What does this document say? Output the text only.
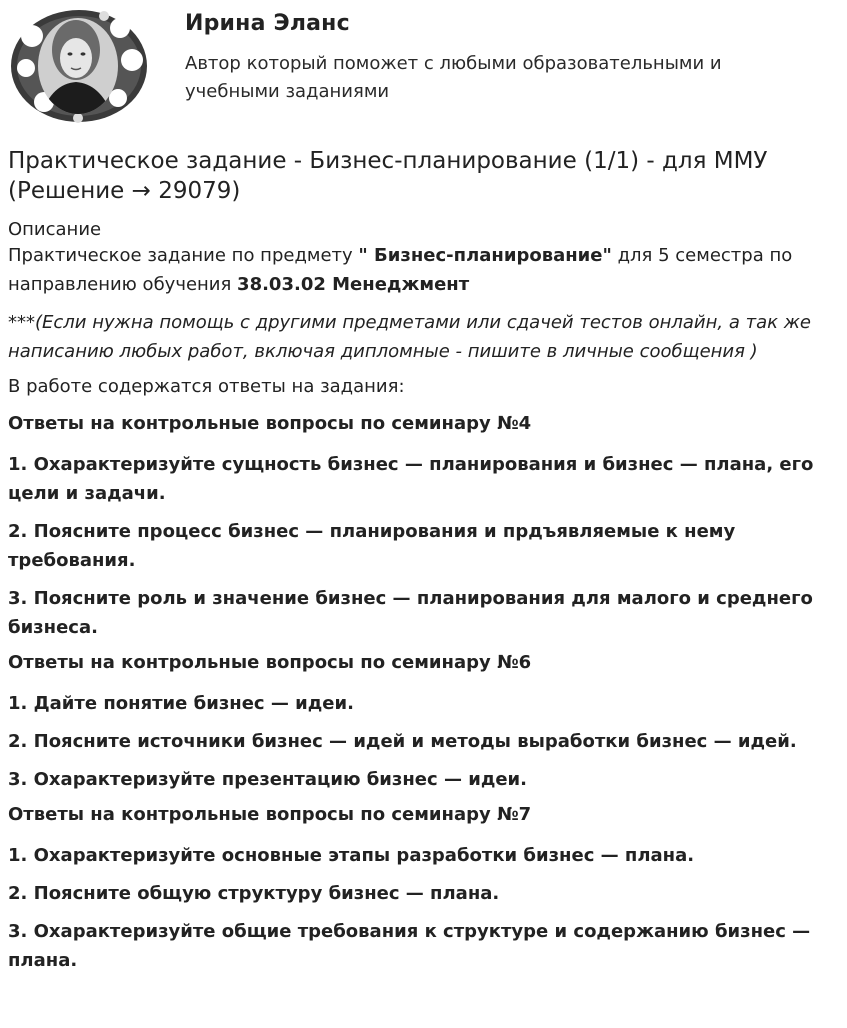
Ирина Эланс
Автор который поможет с любыми образовательными и учебными заданиями
Практическое задание - Бизнес-планирование (1/1) - для ММУ (Решение → 29079)
Описание
Практическое задание по предмету " Бизнес-планирование" для 5 семестра по направлению обучения 38.03.02 Менеджмент
***(Если нужна помощь с другими предметами или сдачей тестов онлайн, а так же написанию любых работ, включая дипломные - пишите в личные сообщения )
В работе содержатся ответы на задания:
Ответы на контрольные вопросы по семинару №4
1. Охарактеризуйте сущность бизнес — планирования и бизнес — плана, его цели и задачи.
2. Поясните процесс бизнес — планирования и прдъявляемые к нему требования.
3. Поясните роль и значение бизнес — планирования для малого и среднего бизнеса.
Ответы на контрольные вопросы по семинару №6
1. Дайте понятие бизнес — идеи.
2. Поясните источники бизнес — идей и методы выработки бизнес — идей.
3. Охарактеризуйте презентацию бизнес — идеи.
Ответы на контрольные вопросы по семинару №7
1. Охарактеризуйте основные этапы разработки бизнес — плана.
2. Поясните общую структуру бизнес — плана.
3. Охарактеризуйте общие требования к структуре и содержанию бизнес — плана.
